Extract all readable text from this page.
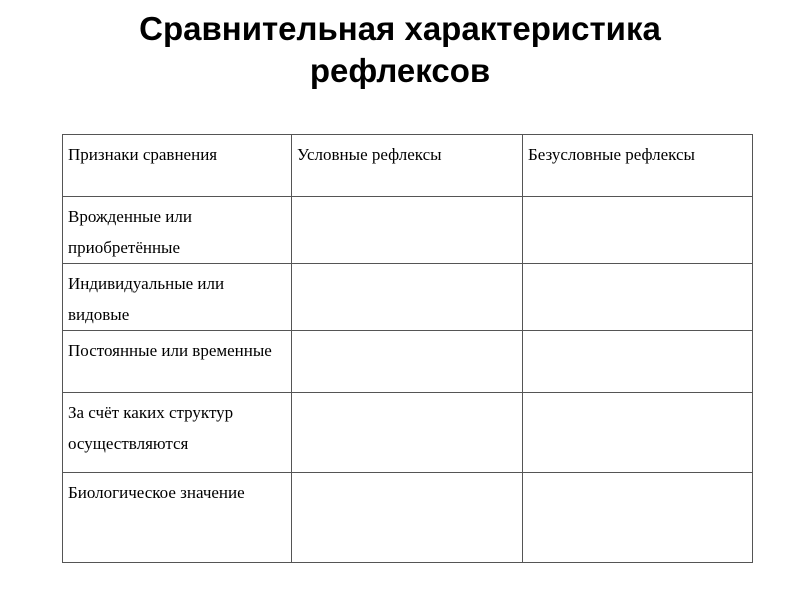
Сравнительная характеристика
рефлексов
Признаки сравнения	Условные рефлексы	Безусловные рефлексы
Врожденные или приобретённые		
Индивидуальные или видовые		
Постоянные или временные		
За счёт каких структур осуществляются		
Биологическое значение		
